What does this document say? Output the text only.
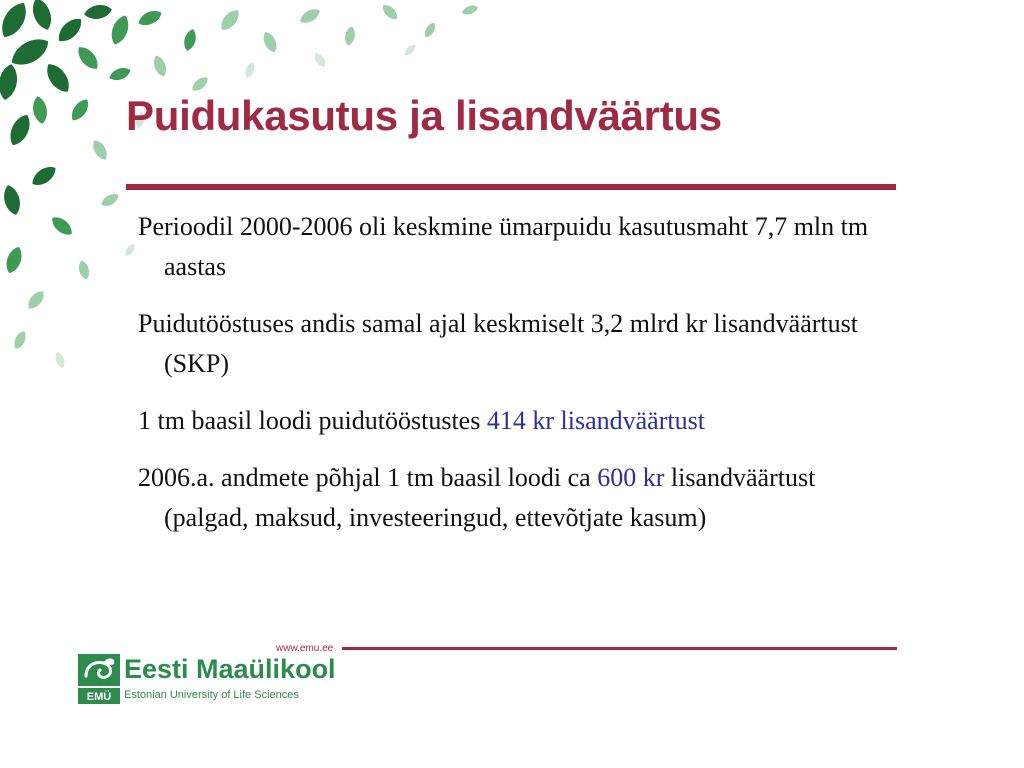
Puidukasutus ja lisandväärtus

Perioodil 2000-2006 oli keskmine ümarpuidu kasutusmaht 7,7 mln tm aastas

Puidutööstuses andis samal ajal keskmiselt 3,2 mlrd kr lisandväärtust (SKP)

1 tm baasil loodi puidutööstustes 414 kr lisandväärtust

2006.a. andmete põhjal 1 tm baasil loodi ca 600 kr lisandväärtust (palgad, maksud, investeeringud, ettevõtjate kasum)

www.emu.ee
EMÜ
Eesti Maaülikool
Estonian University of Life Sciences
